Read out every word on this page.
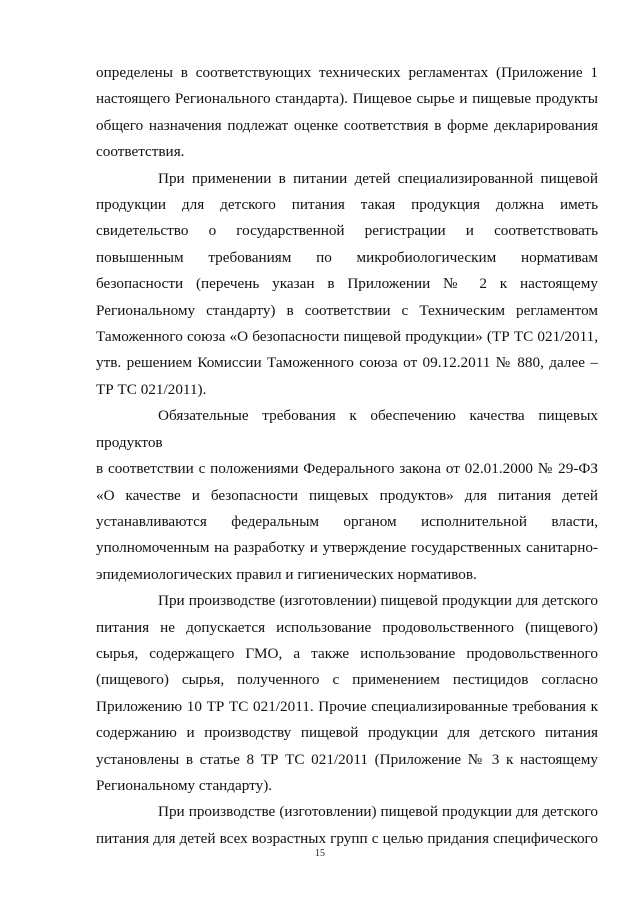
определены в соответствующих технических регламентах (Приложение 1
настоящего Регионального стандарта). Пищевое сырье и пищевые продукты
общего назначения подлежат оценке соответствия в форме декларирования
соответствия.

При применении в питании детей специализированной пищевой
продукции для детского питания такая продукция должна иметь
свидетельство о государственной регистрации и соответствовать
повышенным требованиям по микробиологическим нормативам
безопасности (перечень указан в Приложении № 2 к настоящему
Региональному стандарту) в соответствии с Техническим регламентом
Таможенного союза «О безопасности пищевой продукции» (ТР ТС 021/2011,
утв. решением Комиссии Таможенного союза от 09.12.2011 № 880, далее –
ТР ТС 021/2011).

Обязательные требования к обеспечению качества пищевых продуктов
в соответствии с положениями Федерального закона от 02.01.2000 № 29-ФЗ
«О качестве и безопасности пищевых продуктов» для питания детей
устанавливаются федеральным органом исполнительной власти,
уполномоченным на разработку и утверждение государственных санитарно-
эпидемиологических правил и гигиенических нормативов.

При производстве (изготовлении) пищевой продукции для детского
питания не допускается использование продовольственного (пищевого)
сырья, содержащего ГМО, а также использование продовольственного
(пищевого) сырья, полученного с применением пестицидов согласно
Приложению 10 ТР ТС 021/2011. Прочие специализированные требования к
содержанию и производству пищевой продукции для детского питания
установлены в статье 8 ТР ТС 021/2011 (Приложение № 3 к настоящему
Региональному стандарту).

При производстве (изготовлении) пищевой продукции для детского
питания для детей всех возрастных групп с целью придания специфического

15
